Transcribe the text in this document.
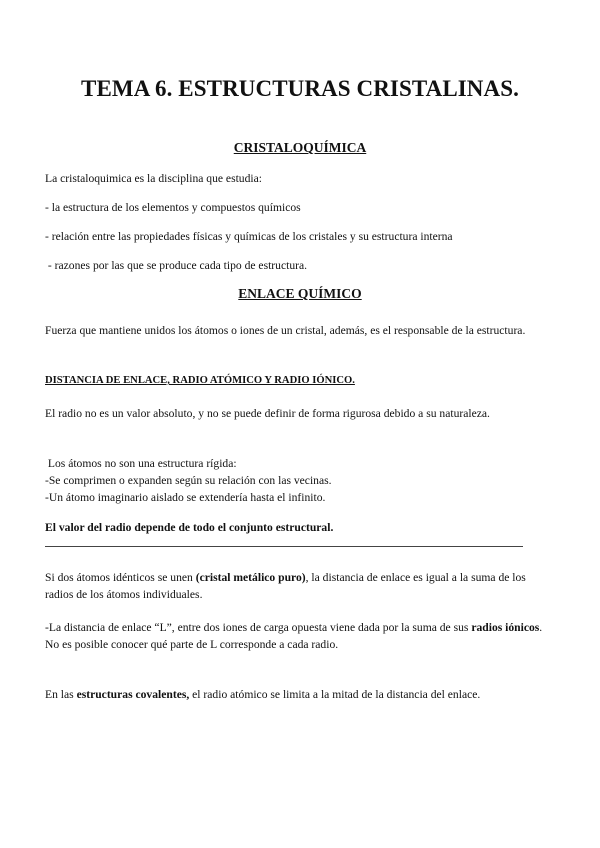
TEMA 6. ESTRUCTURAS CRISTALINAS.
CRISTALOQUÍMICA

La cristaloquimica es la disciplina que estudia:

- la estructura de los elementos y compuestos químicos

- relación entre las propiedades físicas y químicas de los cristales y su estructura interna

- razones por las que se produce cada tipo de estructura.

ENLACE QUÍMICO

Fuerza que mantiene unidos los átomos o iones de un cristal, además, es el responsable de la estructura.

DISTANCIA DE ENLACE, RADIO ATÓMICO Y RADIO IÓNICO.

El radio no es un valor absoluto, y no se puede definir de forma rigurosa debido a su naturaleza.

Los átomos no son una estructura rígida:
-Se comprimen o expanden según su relación con las vecinas.
-Un átomo imaginario aislado se extendería hasta el infinito.

El valor del radio depende de todo el conjunto estructural.

Si dos átomos idénticos se unen (cristal metálico puro), la distancia de enlace es igual a la suma de los radios de los átomos individuales.

-La distancia de enlace “L”, entre dos iones de carga opuesta viene dada por la suma de sus radios iónicos. No es posible conocer qué parte de L corresponde a cada radio.

En las estructuras covalentes, el radio atómico se limita a la mitad de la distancia del enlace.
